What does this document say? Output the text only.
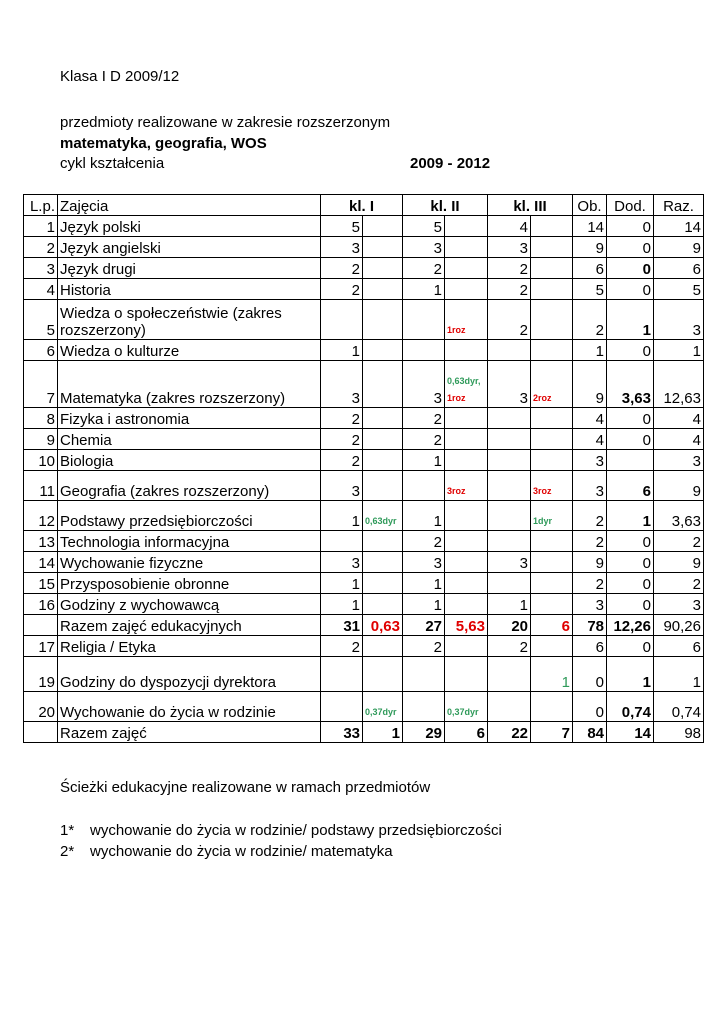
Klasa I D 2009/12
przedmioty realizowane w zakresie rozszerzonym
matematyka, geografia, WOS
cykl kształcenia	2009 - 2012
L.p.	Zajęcia	kl. I		kl. II		kl. III		Ob.	Dod.	Raz.
1	Język polski	5		5		4		14	0	14
2	Język angielski	3		3		3		9	0	9
3	Język drugi	2		2		2		6	0	6
4	Historia	2		1		2		5	0	5
5	Wiedza o społeczeństwie (zakres
rozszerzony)				1roz	2		2	1	3
6	Wiedza o kulturze	1						1	0	1
7	Matematyka (zakres rozszerzony)	3		3	0,63dyr,
1roz	3	2roz	9	3,63	12,63
8	Fizyka i astronomia	2		2				4	0	4
9	Chemia	2		2				4	0	4
10	Biologia	2		1				3		3
11	Geografia (zakres rozszerzony)	3			3roz		3roz	3	6	9
12	Podstawy przedsiębiorczości	1	0,63dyr	1			1dyr	2	1	3,63
13	Technologia informacyjna			2				2	0	2
14	Wychowanie fizyczne	3		3		3		9	0	9
15	Przysposobienie obronne	1		1				2	0	2
16	Godziny z wychowawcą	1		1		1		3	0	3
	Razem zajęć edukacyjnych	31	0,63	27	5,63	20	6	78	12,26	90,26
17	Religia / Etyka	2		2		2		6	0	6
19	Godziny do dyspozycji dyrektora						1	0	1	1
20	Wychowanie do życia w rodzinie		0,37dyr		0,37dyr			0	0,74	0,74
	Razem zajęć	33	1	29	6	22	7	84	14	98
Ścieżki edukacyjne realizowane w ramach przedmiotów
1* wychowanie do życia w rodzinie/ podstawy przedsiębiorczości
2* wychowanie do życia w rodzinie/ matematyka
